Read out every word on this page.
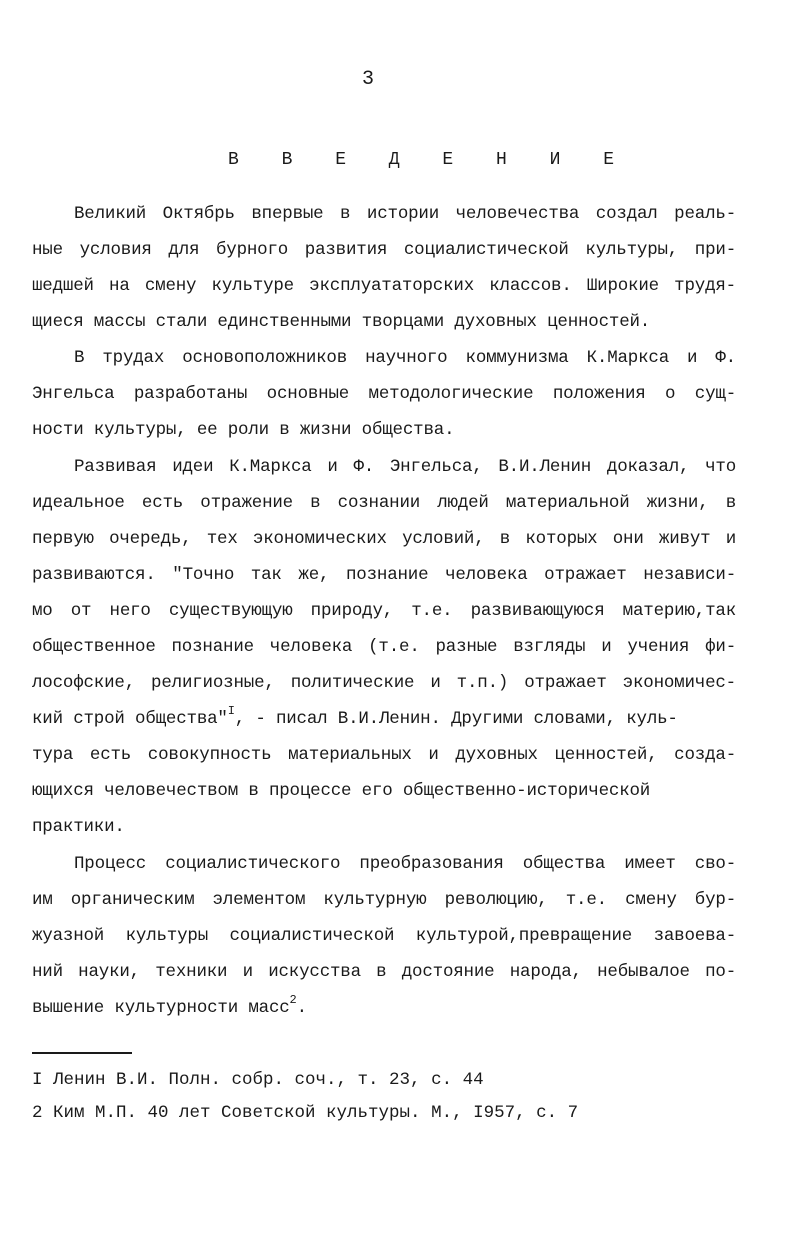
3
В В Е Д Е Н И Е
Великий Октябрь впервые в истории человечества создал реаль-
ные условия для бурного развития социалистической культуры, при-
шедшей на смену культуре эксплуататорских классов. Широкие трудя-
щиеся массы стали единственными творцами духовных ценностей.
В трудах основоположников научного коммунизма К.Маркса и Ф.
Энгельса разработаны основные методологические положения о сущ-
ности культуры, ее роли в жизни общества.
Развивая идеи К.Маркса и Ф. Энгельса, В.И.Ленин доказал, что
идеальное есть отражение в сознании людей материальной жизни, в
первую очередь, тех экономических условий, в которых они живут и
развиваются. "Точно так же, познание человека отражает независи-
мо от него существующую природу, т.е. развивающуюся материю,так
общественное познание человека (т.е. разные взгляды и учения фи-
лософские, религиозные, политические и т.п.) отражает экономичес-
кий строй общества"$^I$, - писал В.И.Ленин. Другими словами, куль-
тура есть совокупность материальных и духовных ценностей, созда-
ющихся человечеством в процессе его общественно-исторической
практики.
Процесс социалистического преобразования общества имеет сво-
им органическим элементом культурную революцию, т.е. смену бур-
жуазной культуры социалистической культурой,превращение завоева-
ний науки, техники и искусства в достояние народа, небывалое по-
вышение культурности масс$^2$.
I Ленин В.И. Полн. собр. соч., т. 23, с. 44
2 Ким М.П. 40 лет Советской культуры. М., I957, с. 7
